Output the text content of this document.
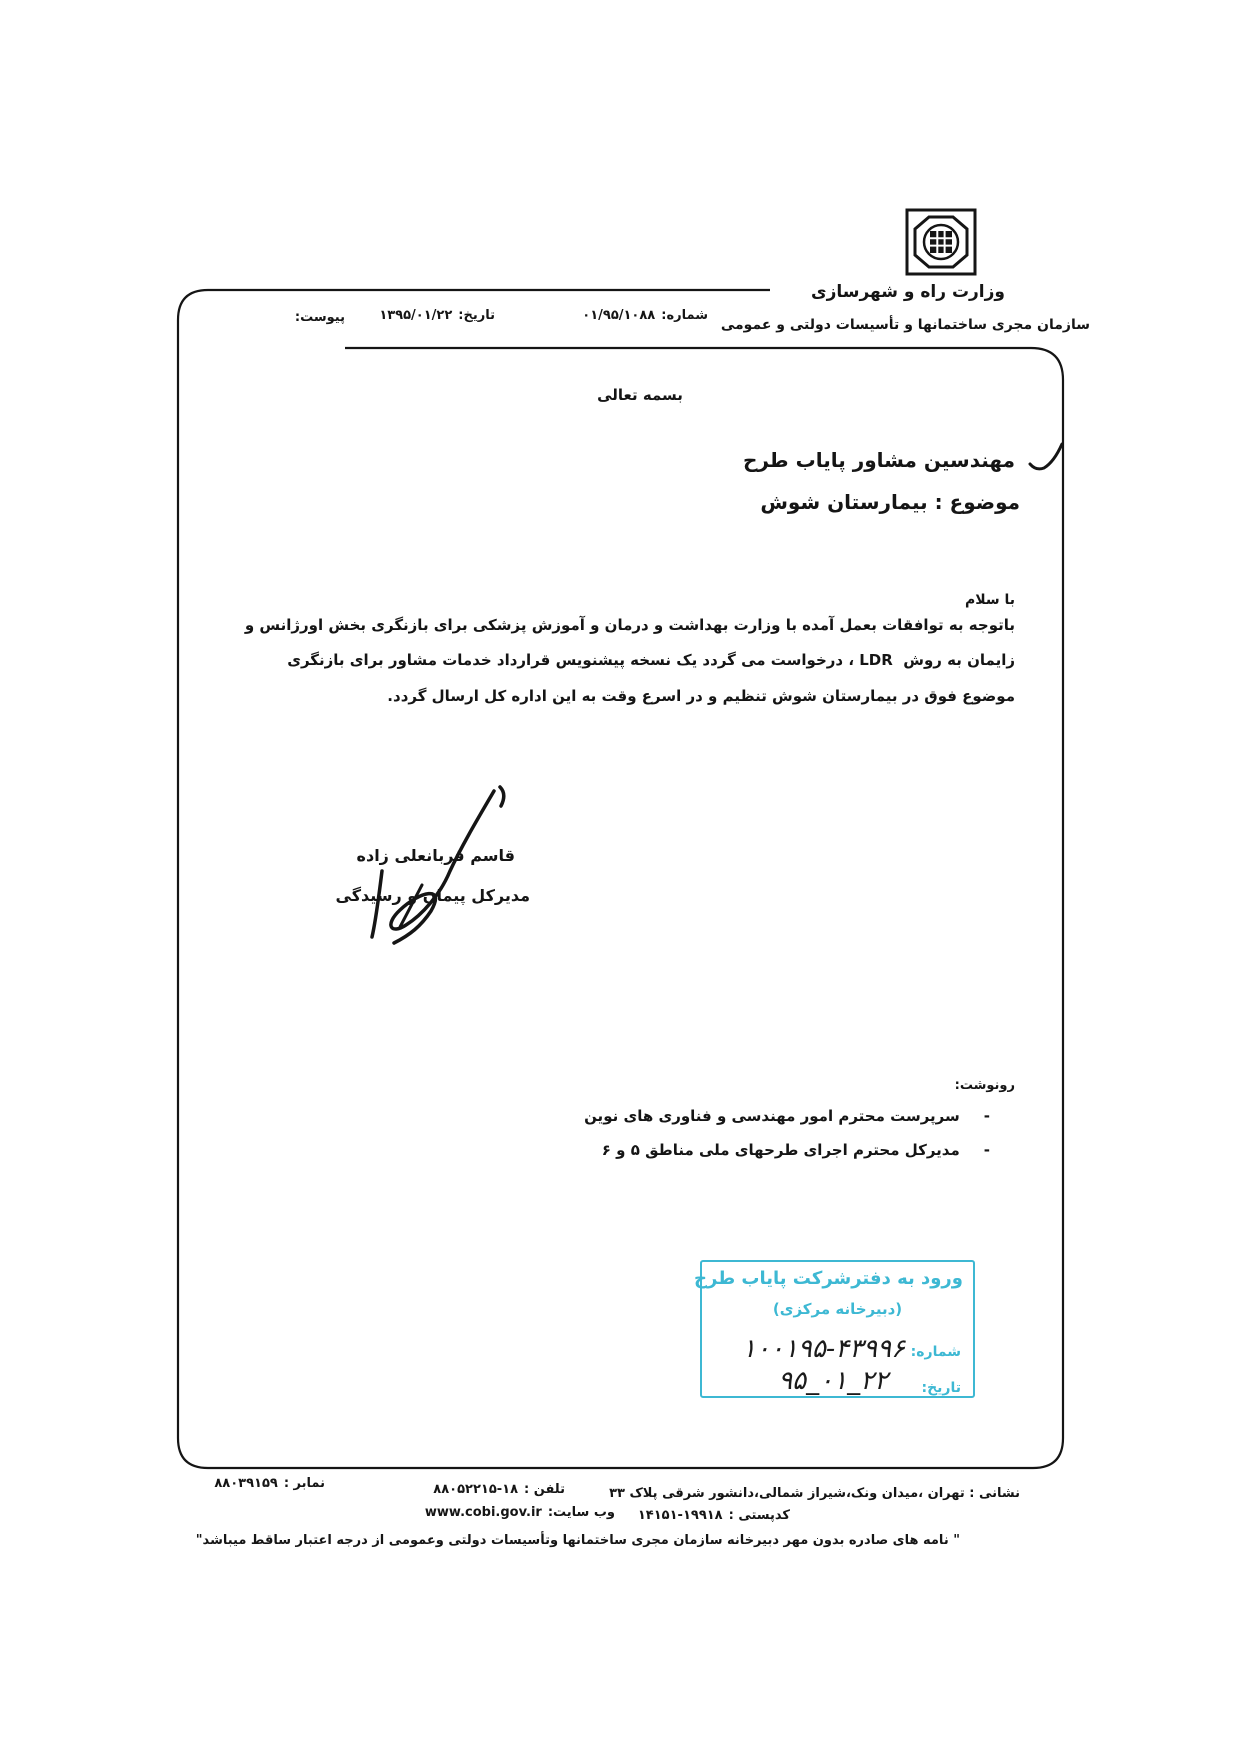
وزارت راه و شهرسازی
سازمان مجری ساختمانها و تأسیسات دولتی و عمومی
شماره:۰۱/۹۵/۱۰۸۸
تاریخ:۱۳۹۵/۰۱/۲۲
پیوست:
بسمه تعالی
مهندسین مشاور پایاب طرح
موضوع : بیمارستان شوش
با سلام
باتوجه به توافقات بعمل آمده با وزارت بهداشت و درمان و آموزش پزشکی برای بازنگری بخش اورژانس و
زایمان به روش  LDR ، درخواست می گردد یک نسخه پیشنویس قرارداد خدمات مشاور برای بازنگری
موضوع فوق در بیمارستان شوش تنظیم و در اسرع وقت به این اداره کل ارسال گردد.
قاسم قربانعلی زاده
مدیرکل پیمان و رسیدگی
رونوشت:
-
سرپرست محترم امور مهندسی و فناوری های نوین
-
مدیرکل محترم اجرای طرحهای ملی مناطق ۵ و ۶
ورود به دفترشرکت پایاب طرح
(دبیرخانه مرکزی)
شماره:
۱۰۰۱۹۵-۴۳۹۹۶
تاریخ:
۹۵_۰۱_۲۲
نشانی : تهران ،میدان ونک،شیراز شمالی،دانشور شرقی پلاک ۳۳
تلفن :۸۸۰۵۲۲۱۵-۱۸
نمابر :۸۸۰۳۹۱۵۹
کدپستی :۱۴۱۵۱-۱۹۹۱۸
وب سایت:www.cobi.gov.ir
" نامه های صادره بدون مهر دبیرخانه سازمان مجری ساختمانها وتأسیسات دولتی وعمومی از درجه اعتبار ساقط میباشد"
